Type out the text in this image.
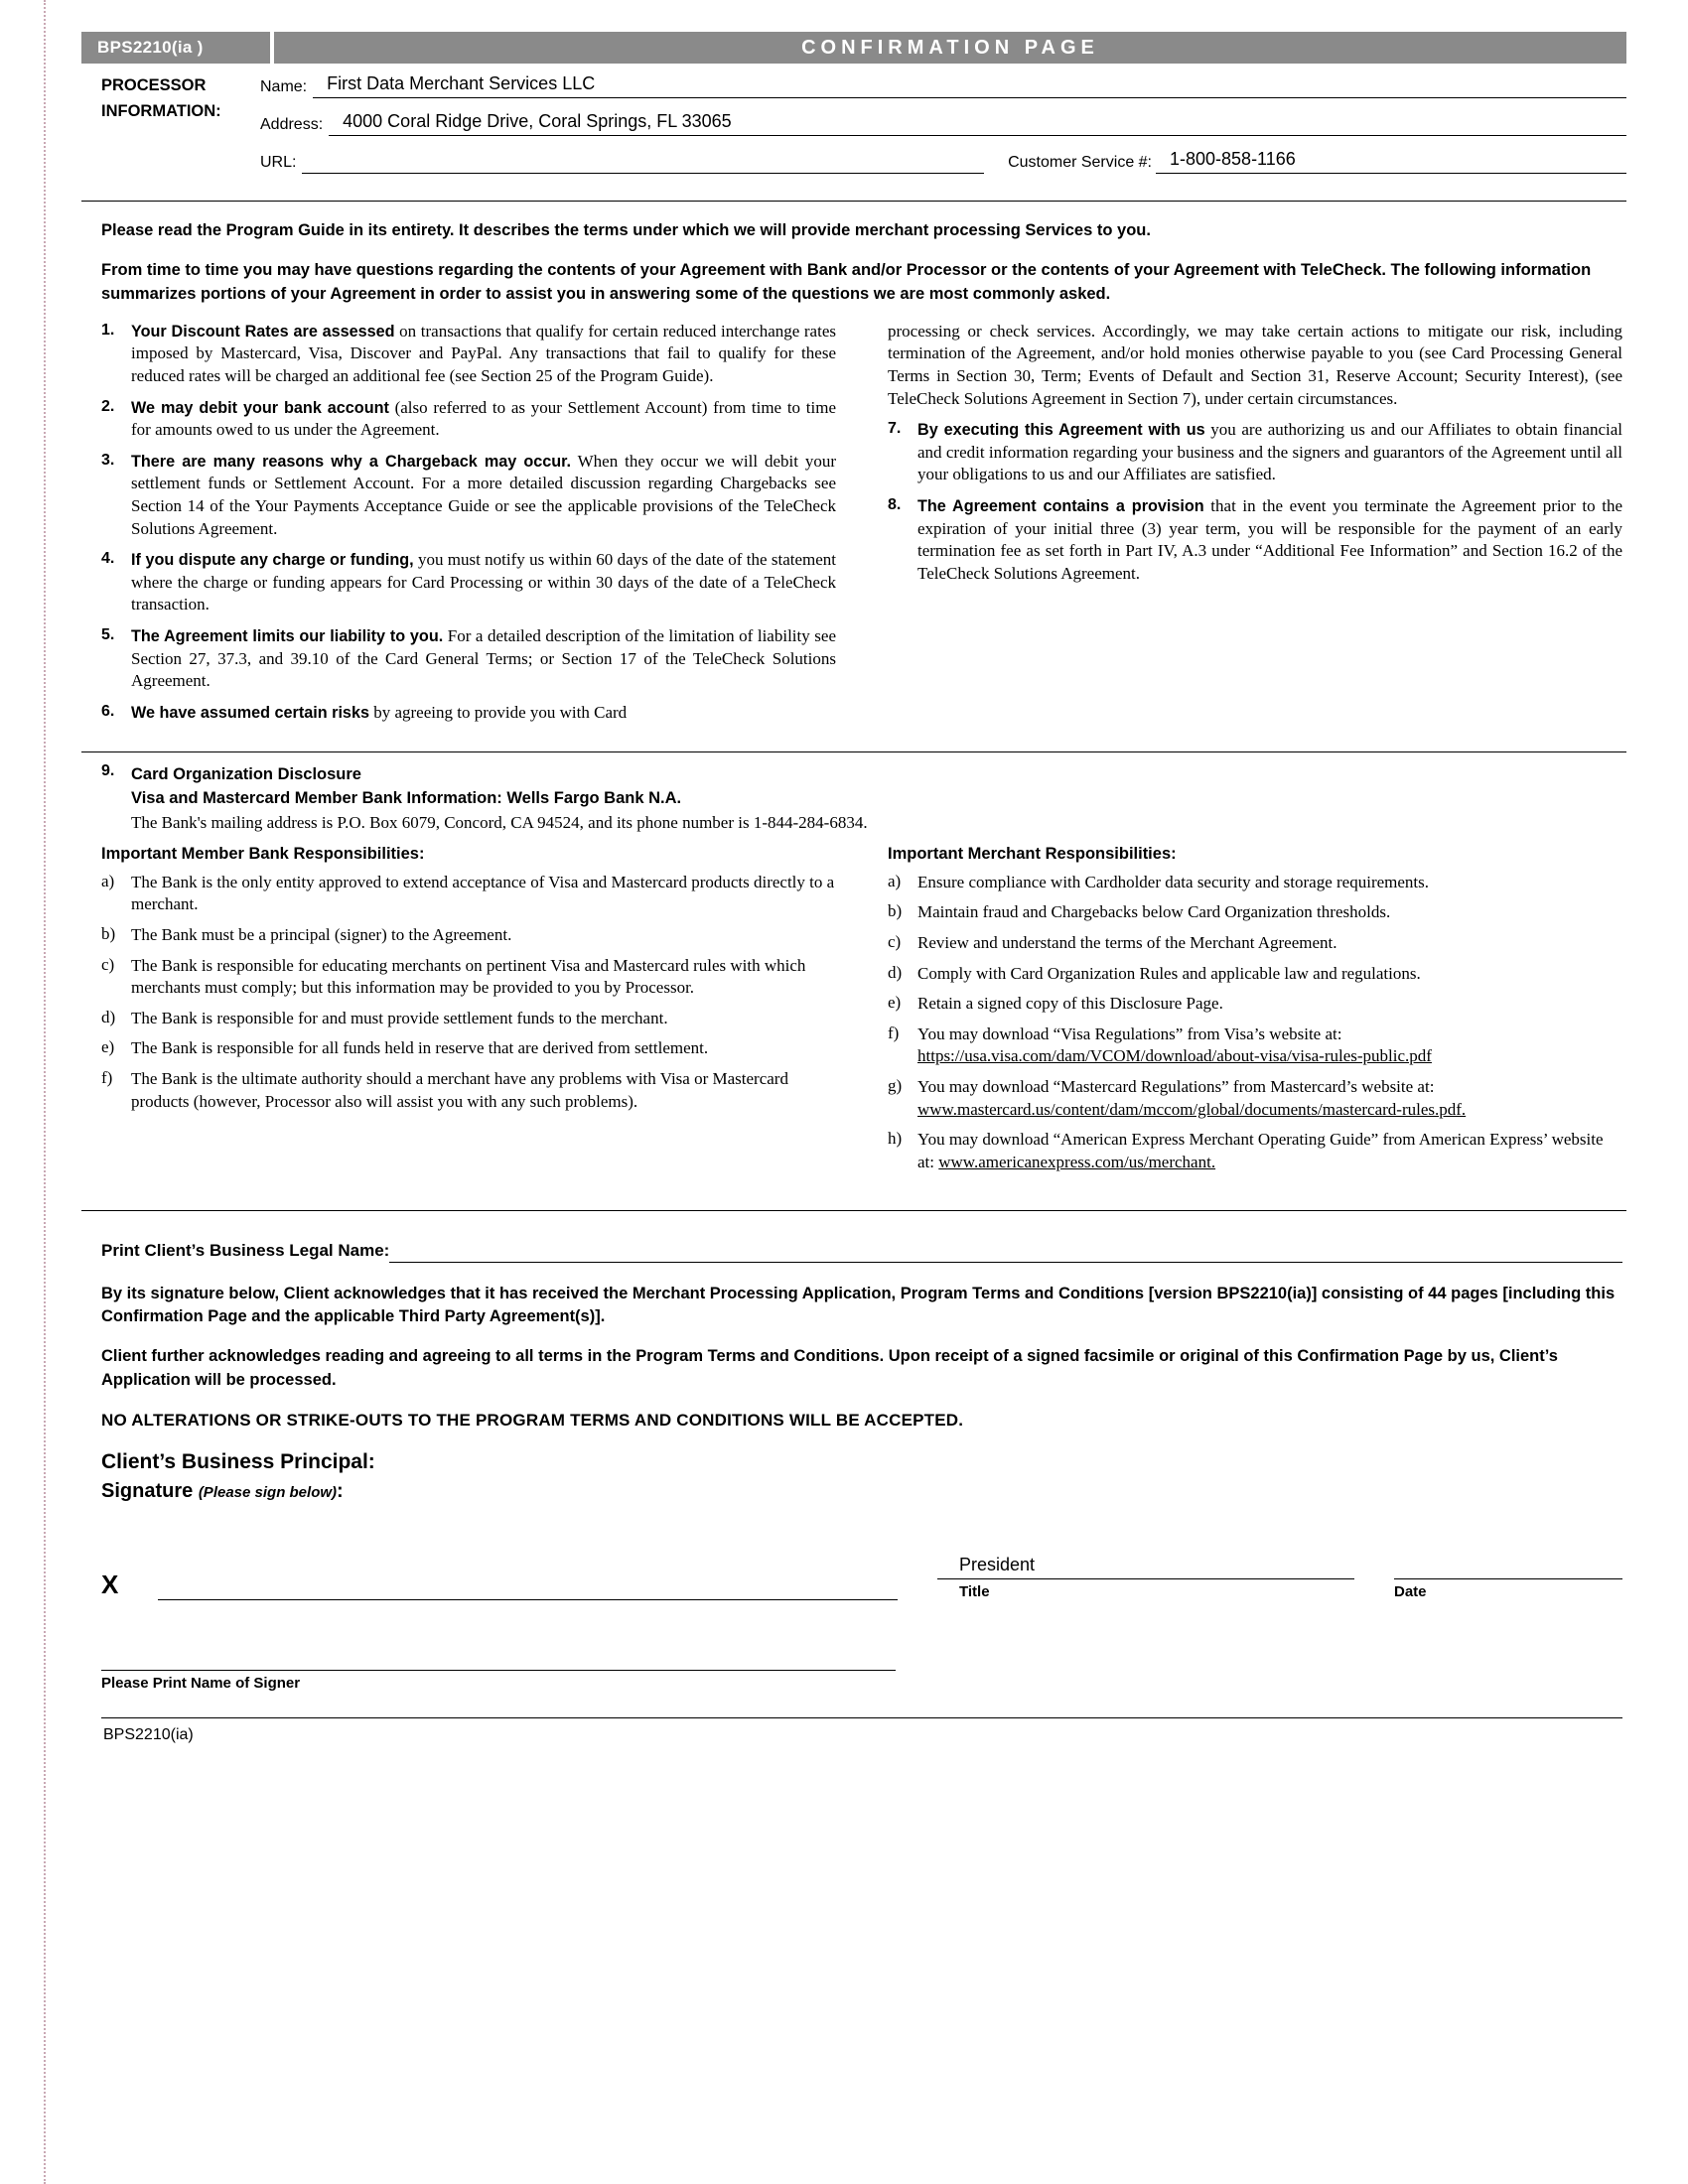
BPS2210(ia )	CONFIRMATION PAGE
PROCESSOR
INFORMATION:
Name:	First Data Merchant Services LLC
Address:	4000 Coral Ridge Drive, Coral Springs, FL 33065
URL:	Customer Service #:	1-800-858-1166

Please read the Program Guide in its entirety. It describes the terms under which we will provide merchant processing Services to you.

From time to time you may have questions regarding the contents of your Agreement with Bank and/or Processor or the contents of your Agreement with TeleCheck. The following information summarizes portions of your Agreement in order to assist you in answering some of the questions we are most commonly asked.

1.	Your Discount Rates are assessed on transactions that qualify for certain reduced interchange rates imposed by Mastercard, Visa, Discover and PayPal. Any transactions that fail to qualify for these reduced rates will be charged an additional fee (see Section 25 of the Program Guide).
2.	We may debit your bank account (also referred to as your Settlement Account) from time to time for amounts owed to us under the Agreement.
3.	There are many reasons why a Chargeback may occur. When they occur we will debit your settlement funds or Settlement Account. For a more detailed discussion regarding Chargebacks see Section 14 of the Your Payments Acceptance Guide or see the applicable provisions of the TeleCheck Solutions Agreement.
4.	If you dispute any charge or funding, you must notify us within 60 days of the date of the statement where the charge or funding appears for Card Processing or within 30 days of the date of a TeleCheck transaction.
5.	The Agreement limits our liability to you. For a detailed description of the limitation of liability see Section 27, 37.3, and 39.10 of the Card General Terms; or Section 17 of the TeleCheck Solutions Agreement.
6.	We have assumed certain risks by agreeing to provide you with Card
processing or check services. Accordingly, we may take certain actions to mitigate our risk, including termination of the Agreement, and/or hold monies otherwise payable to you (see Card Processing General Terms in Section 30, Term; Events of Default and Section 31, Reserve Account; Security Interest), (see TeleCheck Solutions Agreement in Section 7), under certain circumstances.
7.	By executing this Agreement with us you are authorizing us and our Affiliates to obtain financial and credit information regarding your business and the signers and guarantors of the Agreement until all your obligations to us and our Affiliates are satisfied.
8.	The Agreement contains a provision that in the event you terminate the Agreement prior to the expiration of your initial three (3) year term, you will be responsible for the payment of an early termination fee as set forth in Part IV, A.3 under “Additional Fee Information” and Section 16.2 of the TeleCheck Solutions Agreement.
9.	Card Organization Disclosure
Visa and Mastercard Member Bank Information: Wells Fargo Bank N.A.
The Bank's mailing address is P.O. Box 6079, Concord, CA 94524, and its phone number is 1-844-284-6834.
Important Member Bank Responsibilities:
a) The Bank is the only entity approved to extend acceptance of Visa and Mastercard products directly to a merchant.
b) The Bank must be a principal (signer) to the Agreement.
c) The Bank is responsible for educating merchants on pertinent Visa and Mastercard rules with which merchants must comply; but this information may be provided to you by Processor.
d) The Bank is responsible for and must provide settlement funds to the merchant.
e) The Bank is responsible for all funds held in reserve that are derived from settlement.
f)	The Bank is the ultimate authority should a merchant have any problems with Visa or Mastercard products (however, Processor also will assist you with any such problems).
Important Merchant Responsibilities:
a) Ensure compliance with Cardholder data security and storage requirements.
b) Maintain fraud and Chargebacks below Card Organization thresholds.
c) Review and understand the terms of the Merchant Agreement.
d) Comply with Card Organization Rules and applicable law and regulations.
e) Retain a signed copy of this Disclosure Page.
f)	You may download “Visa Regulations” from Visa’s website at: https://usa.visa.com/dam/VCOM/download/about-visa/visa-rules-public.pdf
g) You may download “Mastercard Regulations” from Mastercard’s website at: www.mastercard.us/content/dam/mccom/global/documents/mastercard-rules.pdf.
h) You may download “American Express Merchant Operating Guide” from American Express’ website at: www.americanexpress.com/us/merchant.
Print Client’s Business Legal Name:
By its signature below, Client acknowledges that it has received the Merchant Processing Application, Program Terms and Conditions [version BPS2210(ia)] consisting of 44 pages [including this Confirmation Page and the applicable Third Party Agreement(s)].
Client further acknowledges reading and agreeing to all terms in the Program Terms and Conditions. Upon receipt of a signed facsimile or original of this Confirmation Page by us, Client’s Application will be processed.
NO ALTERATIONS OR STRIKE-OUTS TO THE PROGRAM TERMS AND CONDITIONS WILL BE ACCEPTED.
Client’s Business Principal:
Signature (Please sign below):
X
President
Title	Date
Please Print Name of Signer
BPS2210(ia)
